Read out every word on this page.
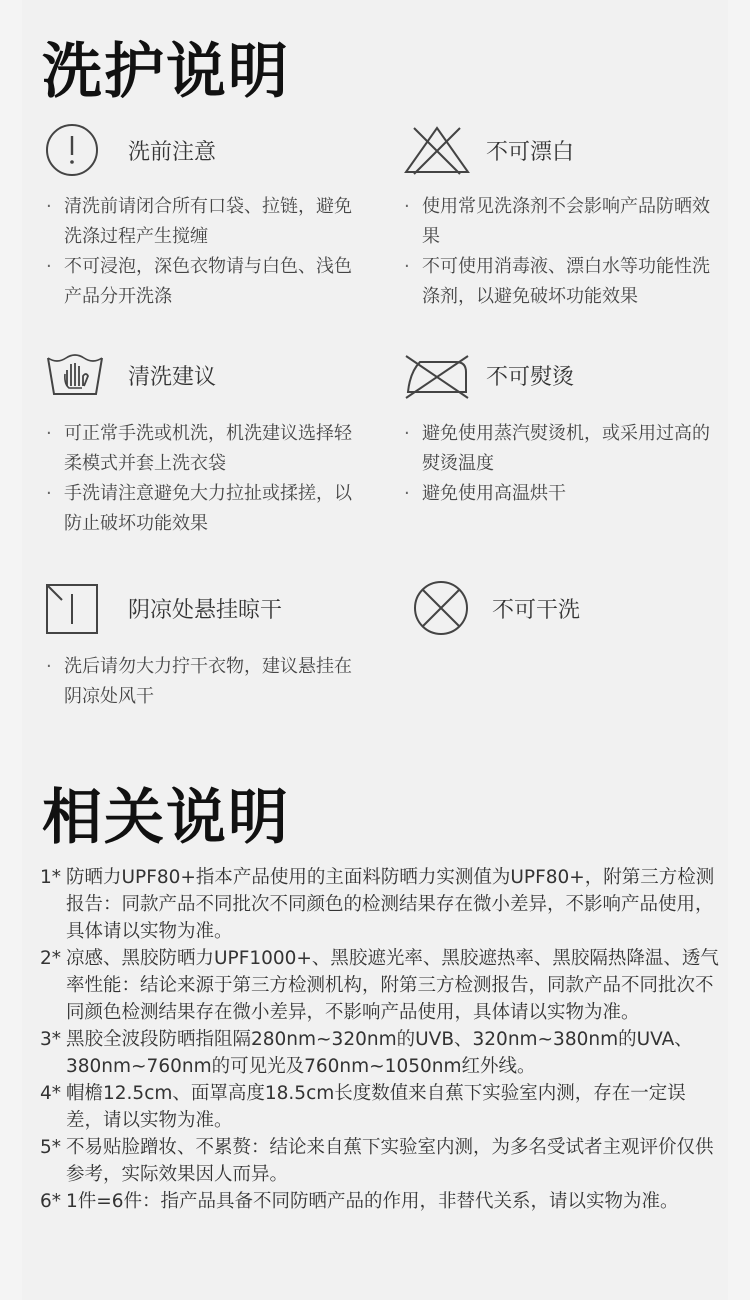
洗护说明
洗前注意
· 清洗前请闭合所有口袋、拉链，避免洗涤过程产生搅缠
· 不可浸泡，深色衣物请与白色、浅色产品分开洗涤
不可漂白
· 使用常见洗涤剂不会影响产品防晒效果
· 不可使用消毒液、漂白水等功能性洗涤剂，以避免破坏功能效果
清洗建议
· 可正常手洗或机洗，机洗建议选择轻柔模式并套上洗衣袋
· 手洗请注意避免大力拉扯或揉搓，以防止破坏功能效果
不可熨烫
· 避免使用蒸汽熨烫机，或采用过高的熨烫温度
· 避免使用高温烘干
阴凉处悬挂晾干
· 洗后请勿大力拧干衣物，建议悬挂在阴凉处风干
不可干洗
相关说明
1* 防晒力UPF80+指本产品使用的主面料防晒力实测值为UPF80+，附第三方检测报告：同款产品不同批次不同颜色的检测结果存在微小差异，不影响产品使用，具体请以实物为准。
2* 凉感、黑胶防晒力UPF1000+、黑胶遮光率、黑胶遮热率、黑胶隔热降温、透气率性能：结论来源于第三方检测机构，附第三方检测报告，同款产品不同批次不同颜色检测结果存在微小差异，不影响产品使用，具体请以实物为准。
3* 黑胶全波段防晒指阻隔280nm~320nm的UVB、320nm~380nm的UVA、380nm~760nm的可见光及760nm~1050nm红外线。
4* 帽檐12.5cm、面罩高度18.5cm长度数值来自蕉下实验室内测，存在一定误差，请以实物为准。
5* 不易贴脸蹭妆、不累赘：结论来自蕉下实验室内测，为多名受试者主观评价仅供参考，实际效果因人而异。
6* 1件=6件：指产品具备不同防晒产品的作用，非替代关系，请以实物为准。
